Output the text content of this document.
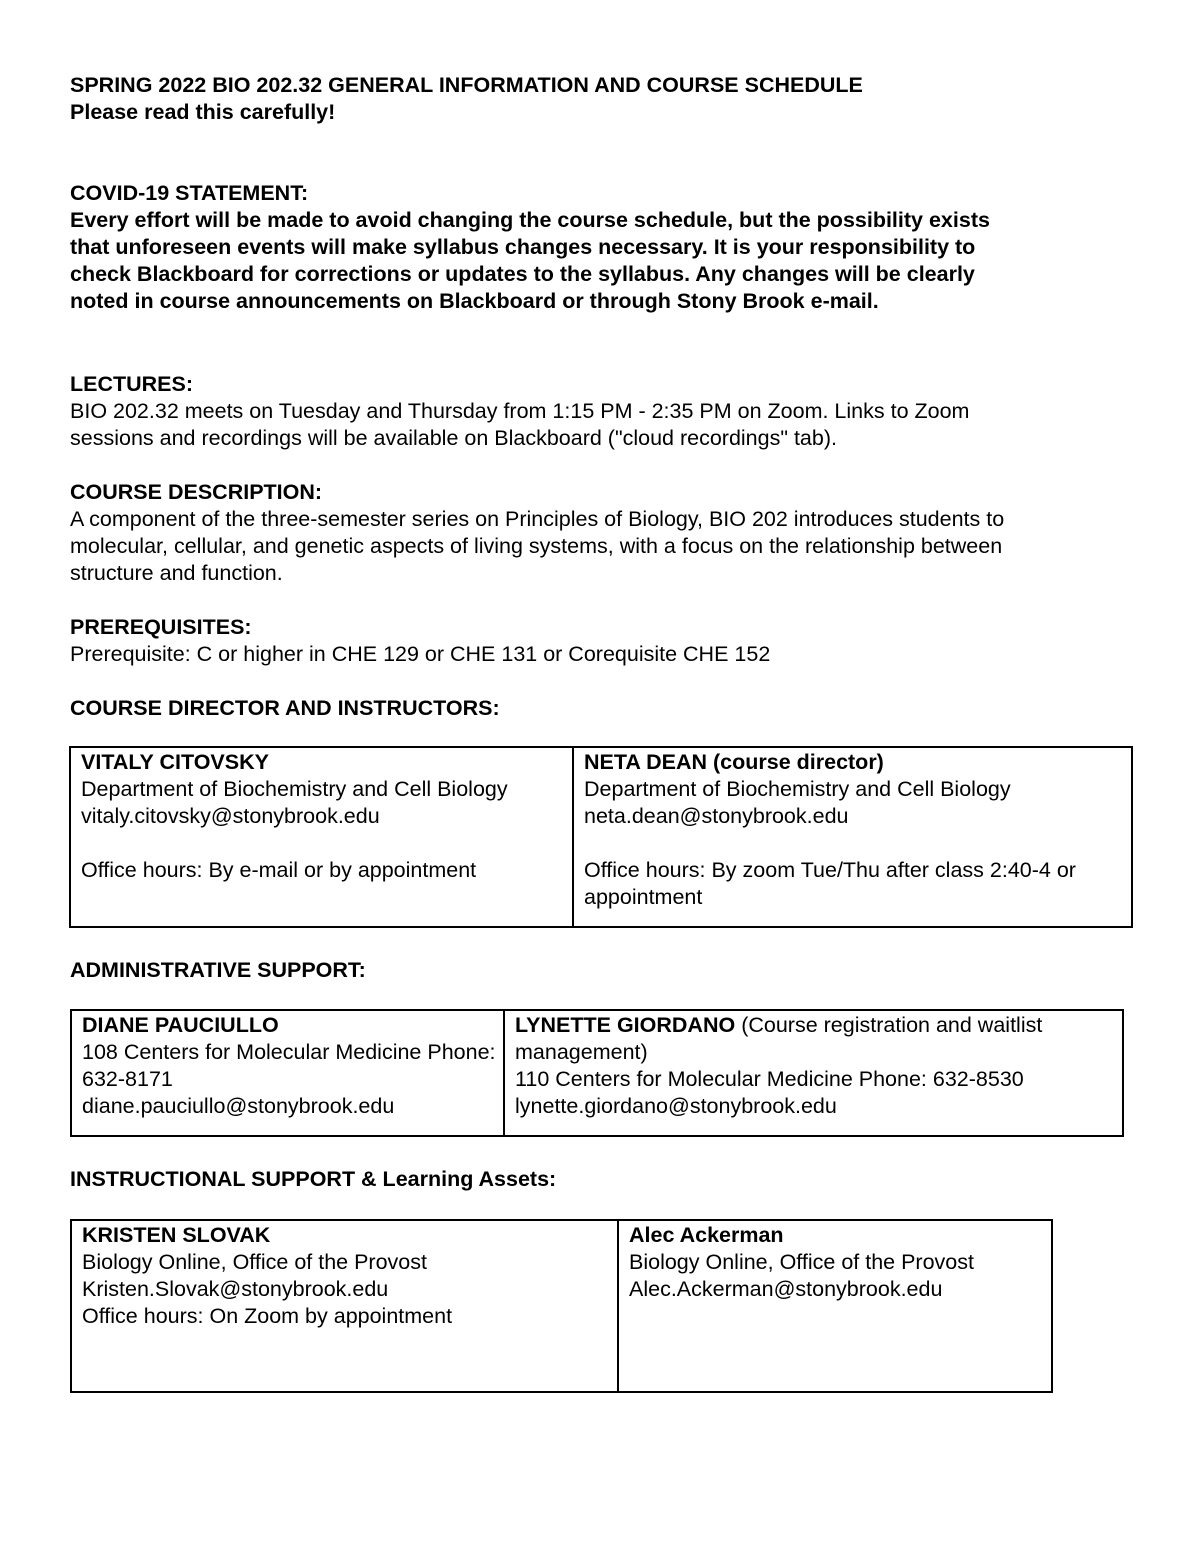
SPRING 2022 BIO 202.32 GENERAL INFORMATION AND COURSE SCHEDULE

Please read this carefully!

COVID-19 STATEMENT:

Every effort will be made to avoid changing the course schedule, but the possibility exists that unforeseen events will make syllabus changes necessary. It is your responsibility to check Blackboard for corrections or updates to the syllabus. Any changes will be clearly noted in course announcements on Blackboard or through Stony Brook e-mail.

LECTURES:

BIO 202.32 meets on Tuesday and Thursday from 1:15 PM - 2:35 PM on Zoom. Links to Zoom sessions and recordings will be available on Blackboard ("cloud recordings" tab).

COURSE DESCRIPTION:

A component of the three-semester series on Principles of Biology, BIO 202 introduces students to molecular, cellular, and genetic aspects of living systems, with a focus on the relationship between structure and function.

PREREQUISITES:

Prerequisite: C or higher in CHE 129 or CHE 131 or Corequisite CHE 152

COURSE DIRECTOR AND INSTRUCTORS:

VITALY CITOVSKY
Department of Biochemistry and Cell Biology
vitaly.citovsky@stonybrook.edu
Office hours: By e-mail or by appointment

NETA DEAN (course director)
Department of Biochemistry and Cell Biology
neta.dean@stonybrook.edu
Office hours: By zoom Tue/Thu after class 2:40-4 or appointment

ADMINISTRATIVE SUPPORT:

DIANE PAUCIULLO
108 Centers for Molecular Medicine Phone:
632-8171
diane.pauciullo@stonybrook.edu

LYNETTE GIORDANO (Course registration and waitlist management)
110 Centers for Molecular Medicine Phone: 632-8530
lynette.giordano@stonybrook.edu

INSTRUCTIONAL SUPPORT & Learning Assets:

KRISTEN SLOVAK
Biology Online, Office of the Provost
Kristen.Slovak@stonybrook.edu
Office hours: On Zoom by appointment

Alec Ackerman
Biology Online, Office of the Provost
Alec.Ackerman@stonybrook.edu
